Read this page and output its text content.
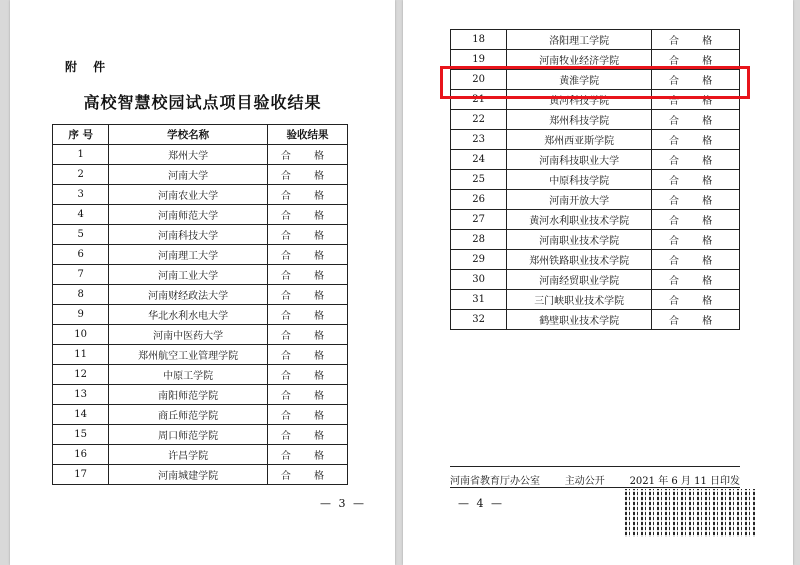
附 件
高校智慧校园试点项目验收结果
序 号	学校名称	验收结果
1	郑州大学	合 格
2	河南大学	合 格
3	河南农业大学	合 格
4	河南师范大学	合 格
5	河南科技大学	合 格
6	河南理工大学	合 格
7	河南工业大学	合 格
8	河南财经政法大学	合 格
9	华北水利水电大学	合 格
10	河南中医药大学	合 格
11	郑州航空工业管理学院	合 格
12	中原工学院	合 格
13	南阳师范学院	合 格
14	商丘师范学院	合 格
15	周口师范学院	合 格
16	许昌学院	合 格
17	河南城建学院	合 格
— 3 —
18	洛阳理工学院	合 格
19	河南牧业经济学院	合 格
20	黄淮学院	合 格
21	黄河科技学院	合 格
22	郑州科技学院	合 格
23	郑州西亚斯学院	合 格
24	河南科技职业大学	合 格
25	中原科技学院	合 格
26	河南开放大学	合 格
27	黄河水利职业技术学院	合 格
28	河南职业技术学院	合 格
29	郑州铁路职业技术学院	合 格
30	河南经贸职业学院	合 格
31	三门峡职业技术学院	合 格
32	鹤壁职业技术学院	合 格
河南省教育厅办公室 主动公开 2021 年 6 月 11 日印发
— 4 —
